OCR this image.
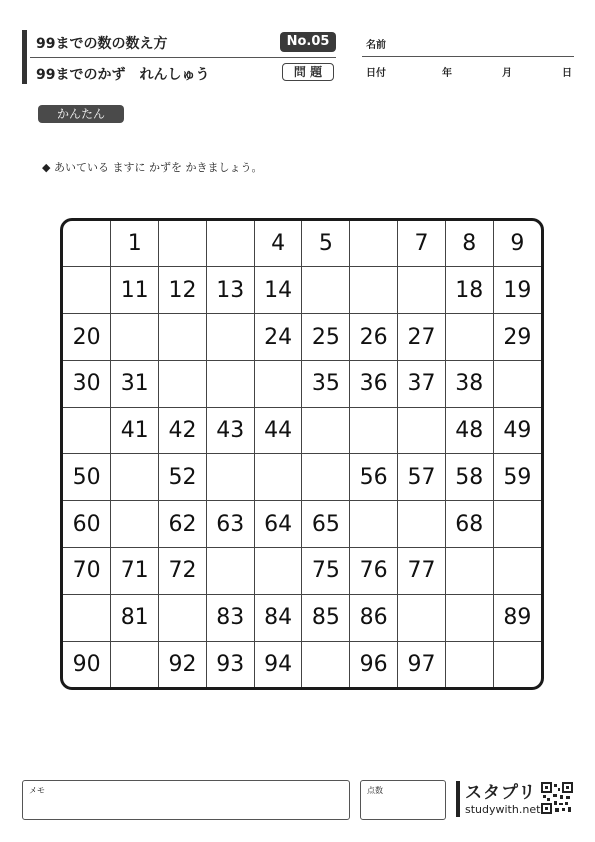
99までの数の数え方	No.05
99までのかず　れんしゅう	問 題
名前
日付	年	月	日
かんたん
◆ あいている ますに かずを かきましょう。
	1			4	5		7	8	9
	11	12	13	14				18	19
20				24	25	26	27		29
30	31				35	36	37	38	
	41	42	43	44				48	49
50		52				56	57	58	59
60		62	63	64	65			68	
70	71	72			75	76	77		
	81		83	84	85	86			89
90		92	93	94		96	97		
メモ	点数	スタプリ
studywith.net
